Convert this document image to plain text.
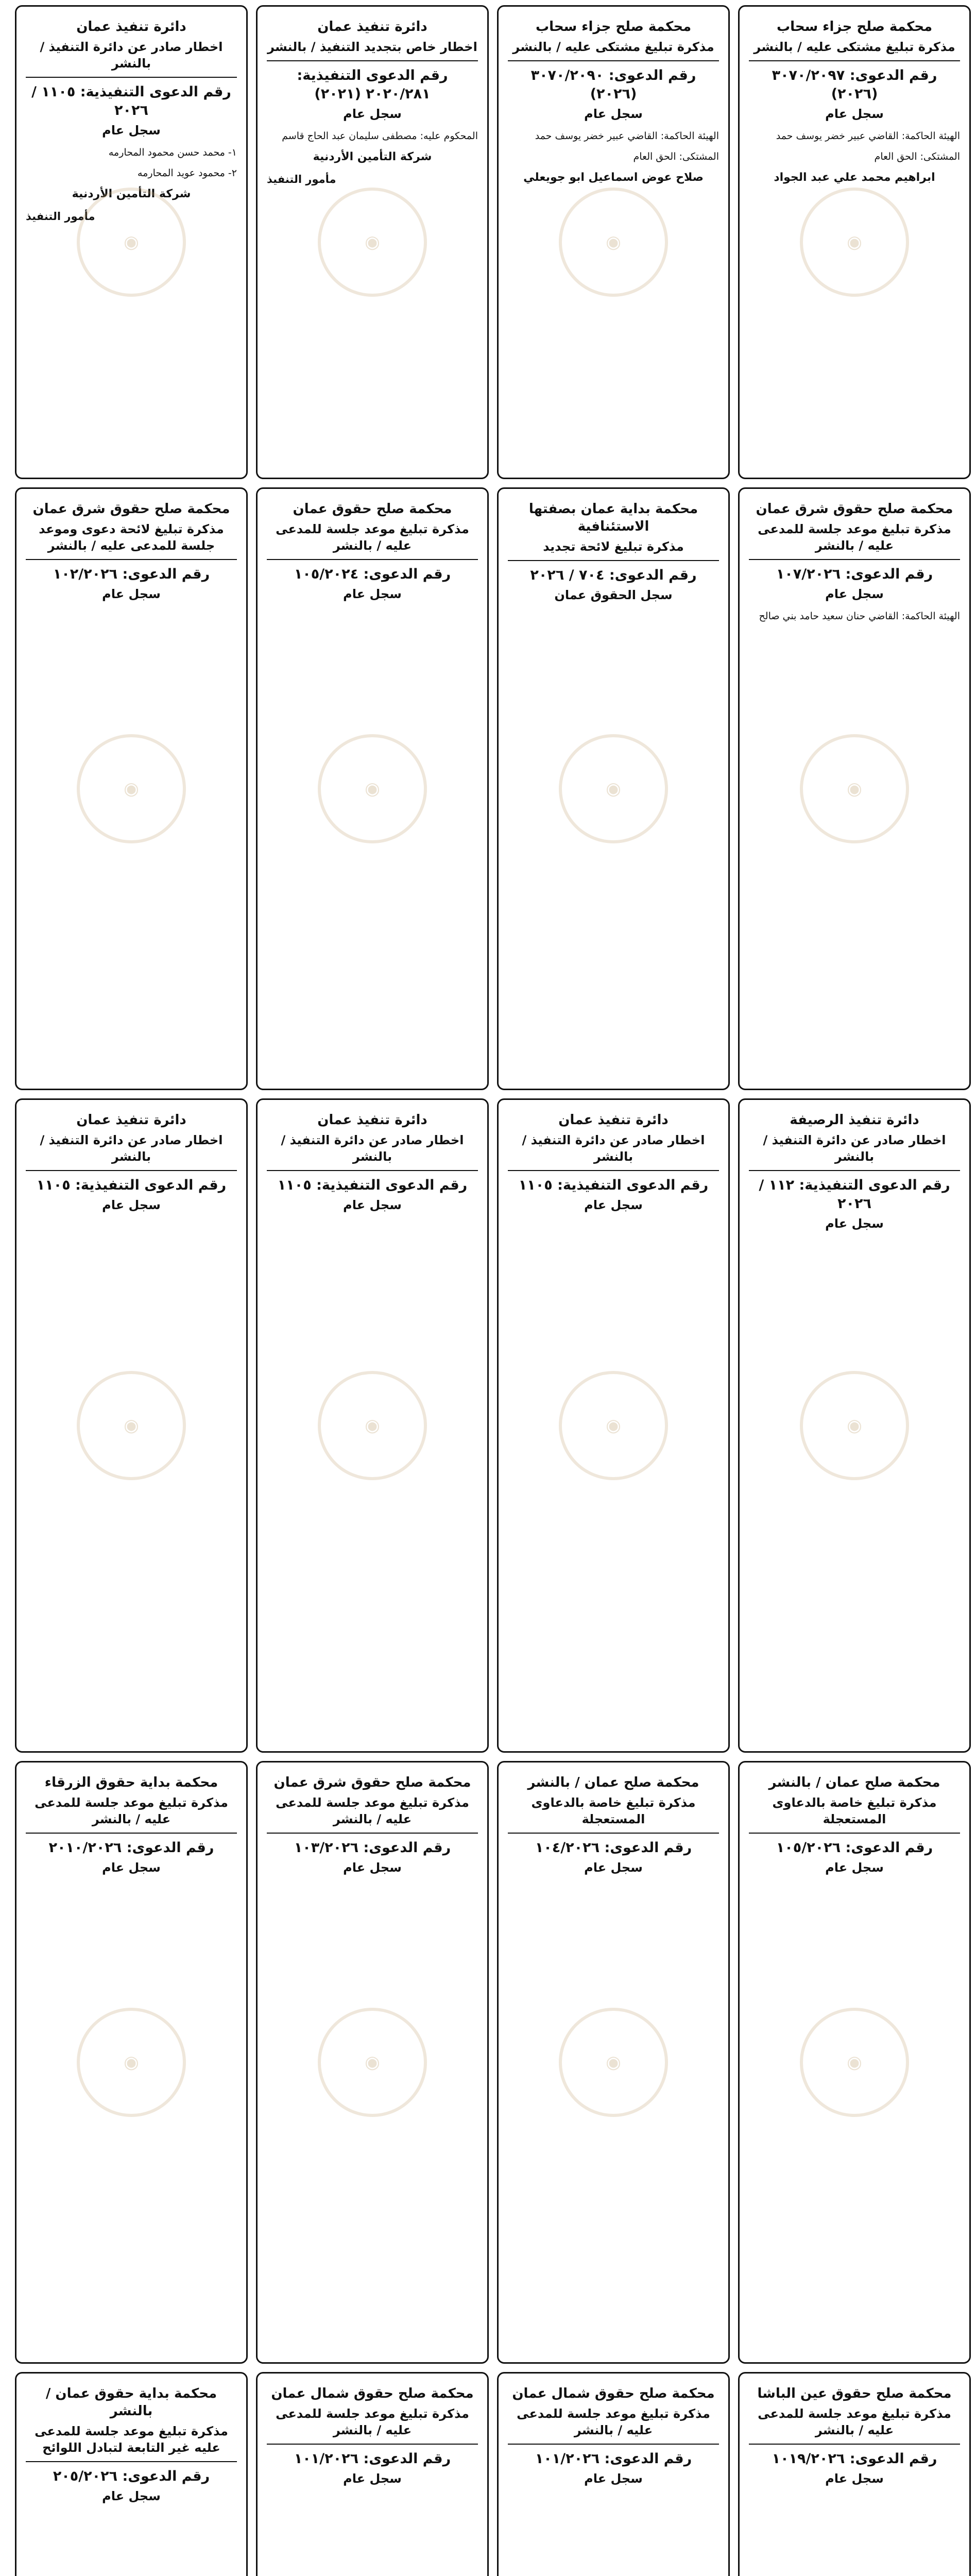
محكمة صلح جزاء سحاب
مذكرة تبليغ مشتكى عليه / بالنشر
رقم الدعوى: ٣٠٧٠/٢٠٩٧ (٢٠٢٦)
سجل عام

الهيئة الحاكمة: القاضي عبير خضر يوسف حمد

المشتكى: الحق العام

ابراهيم محمد علي عبد الجواد
◉
محكمة صلح جزاء سحاب
مذكرة تبليغ مشتكى عليه / بالنشر
رقم الدعوى: ٣٠٧٠/٢٠٩٠ (٢٠٢٦)
سجل عام

الهيئة الحاكمة: القاضي عبير خضر يوسف حمد

المشتكى: الحق العام

صلاح عوض اسماعيل ابو جويعلي
◉
دائرة تنفيذ عمان
اخطار خاص بتجديد التنفيذ / بالنشر
رقم الدعوى التنفيذية: ٢٠٢٠/٢٨١ (٢٠٢١)
سجل عام

المحكوم عليه: مصطفى سليمان عبد الحاج قاسم

شركة التأمين الأردنية
مأمور التنفيذ
◉
دائرة تنفيذ عمان
اخطار صادر عن دائرة التنفيذ / بالنشر
رقم الدعوى التنفيذية: ١١٠٥ / ٢٠٢٦
سجل عام

١- محمد حسن محمود المحارمه

٢- محمود عويد المحارمه

شركة التأمين الأردنية
مأمور التنفيذ
◉
محكمة صلح حقوق شرق عمان
مذكرة تبليغ موعد جلسة للمدعى عليه / بالنشر
رقم الدعوى: ١٠٧/٢٠٢٦
سجل عام

الهيئة الحاكمة: القاضي حنان سعيد حامد بني صالح

◉
محكمة بداية عمان بصفتها الاستئنافية
مذكرة تبليغ لائحة تجديد
رقم الدعوى: ٧٠٤ / ٢٠٢٦
سجل الحقوق عمان
◉
محكمة صلح حقوق عمان
مذكرة تبليغ موعد جلسة للمدعى عليه / بالنشر
رقم الدعوى: ١٠٥/٢٠٢٤
سجل عام
◉
محكمة صلح حقوق شرق عمان
مذكرة تبليغ لائحة دعوى وموعد جلسة للمدعى عليه / بالنشر
رقم الدعوى: ١٠٢/٢٠٢٦
سجل عام
◉
دائرة تنفيذ الرصيفة
اخطار صادر عن دائرة التنفيذ / بالنشر
رقم الدعوى التنفيذية: ١١٢ / ٢٠٢٦
سجل عام
◉
دائرة تنفيذ عمان
اخطار صادر عن دائرة التنفيذ / بالنشر
رقم الدعوى التنفيذية: ١١٠٥
سجل عام
◉
دائرة تنفيذ عمان
اخطار صادر عن دائرة التنفيذ / بالنشر
رقم الدعوى التنفيذية: ١١٠٥
سجل عام
◉
دائرة تنفيذ عمان
اخطار صادر عن دائرة التنفيذ / بالنشر
رقم الدعوى التنفيذية: ١١٠٥
سجل عام
◉
محكمة صلح عمان / بالنشر
مذكرة تبليغ خاصة بالدعاوى المستعجلة
رقم الدعوى: ١٠٥/٢٠٢٦
سجل عام
◉
محكمة صلح عمان / بالنشر
مذكرة تبليغ خاصة بالدعاوى المستعجلة
رقم الدعوى: ١٠٤/٢٠٢٦
سجل عام
◉
محكمة صلح حقوق شرق عمان
مذكرة تبليغ موعد جلسة للمدعى عليه / بالنشر
رقم الدعوى: ١٠٣/٢٠٢٦
سجل عام
◉
محكمة بداية حقوق الزرقاء
مذكرة تبليغ موعد جلسة للمدعى عليه / بالنشر
رقم الدعوى: ٢٠١٠/٢٠٢٦
سجل عام
◉
محكمة صلح حقوق عين الباشا
مذكرة تبليغ موعد جلسة للمدعى عليه / بالنشر
رقم الدعوى: ١٠١٩/٢٠٢٦
سجل عام
محكمة صلح حقوق شمال عمان
مذكرة تبليغ موعد جلسة للمدعى عليه / بالنشر
رقم الدعوى: ١٠١/٢٠٢٦
سجل عام
محكمة صلح حقوق شمال عمان
مذكرة تبليغ موعد جلسة للمدعى عليه / بالنشر
رقم الدعوى: ١٠١/٢٠٢٦
سجل عام
محكمة بداية حقوق عمان / بالنشر
مذكرة تبليغ موعد جلسة للمدعى عليه غير التابعة لتبادل اللوائح
رقم الدعوى: ٢٠٥/٢٠٢٦
سجل عام
